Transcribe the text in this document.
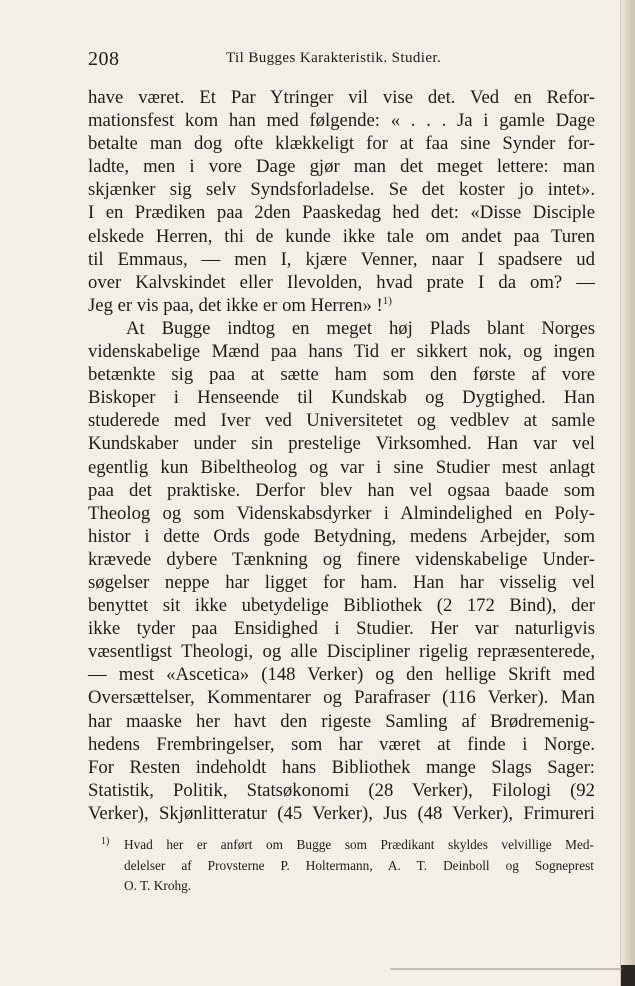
208	Til Bugges Karakteristik. Studier.
have været. Et Par Ytringer vil vise det. Ved en Refor-
mationsfest kom han med følgende: « . . . Ja i gamle Dage
betalte man dog ofte klækkeligt for at faa sine Synder for-
ladte, men i vore Dage gjør man det meget lettere: man
skjænker sig selv Syndsforladelse. Se det koster jo intet».
I en Prædiken paa 2den Paaskedag hed det: «Disse Disciple
elskede Herren, thi de kunde ikke tale om andet paa Turen
til Emmaus, — men I, kjære Venner, naar I spadsere ud
over Kalvskindet eller Ilevolden, hvad prate I da om? —
Jeg er vis paa, det ikke er om Herren» !$^{1)}$
At Bugge indtog en meget høj Plads blant Norges
videnskabelige Mænd paa hans Tid er sikkert nok, og ingen
betænkte sig paa at sætte ham som den første af vore
Biskoper i Henseende til Kundskab og Dygtighed. Han
studerede med Iver ved Universitetet og vedblev at samle
Kundskaber under sin prestelige Virksomhed. Han var vel
egentlig kun Bibeltheolog og var i sine Studier mest anlagt
paa det praktiske. Derfor blev han vel ogsaa baade som
Theolog og som Videnskabsdyrker i Almindelighed en Poly-
histor i dette Ords gode Betydning, medens Arbejder, som
krævede dybere Tænkning og finere videnskabelige Under-
søgelser neppe har ligget for ham. Han har visselig vel
benyttet sit ikke ubetydelige Bibliothek (2 172 Bind), der
ikke tyder paa Ensidighed i Studier. Her var naturligvis
væsentligst Theologi, og alle Discipliner rigelig repræsenterede,
— mest «Ascetica» (148 Verker) og den hellige Skrift med
Oversættelser, Kommentarer og Parafraser (116 Verker). Man
har maaske her havt den rigeste Samling af Brødremenig-
hedens Frembringelser, som har været at finde i Norge.
For Resten indeholdt hans Bibliothek mange Slags Sager:
Statistik, Politik, Statsøkonomi (28 Verker), Filologi (92
Verker), Skjønlitteratur (45 Verker), Jus (48 Verker), Frimureri
1)	Hvad her er anført om Bugge som Prædikant skyldes velvillige Med-
delelser af Provsterne P. Holtermann, A. T. Deinboll og Sogneprest
O. T. Krohg.
